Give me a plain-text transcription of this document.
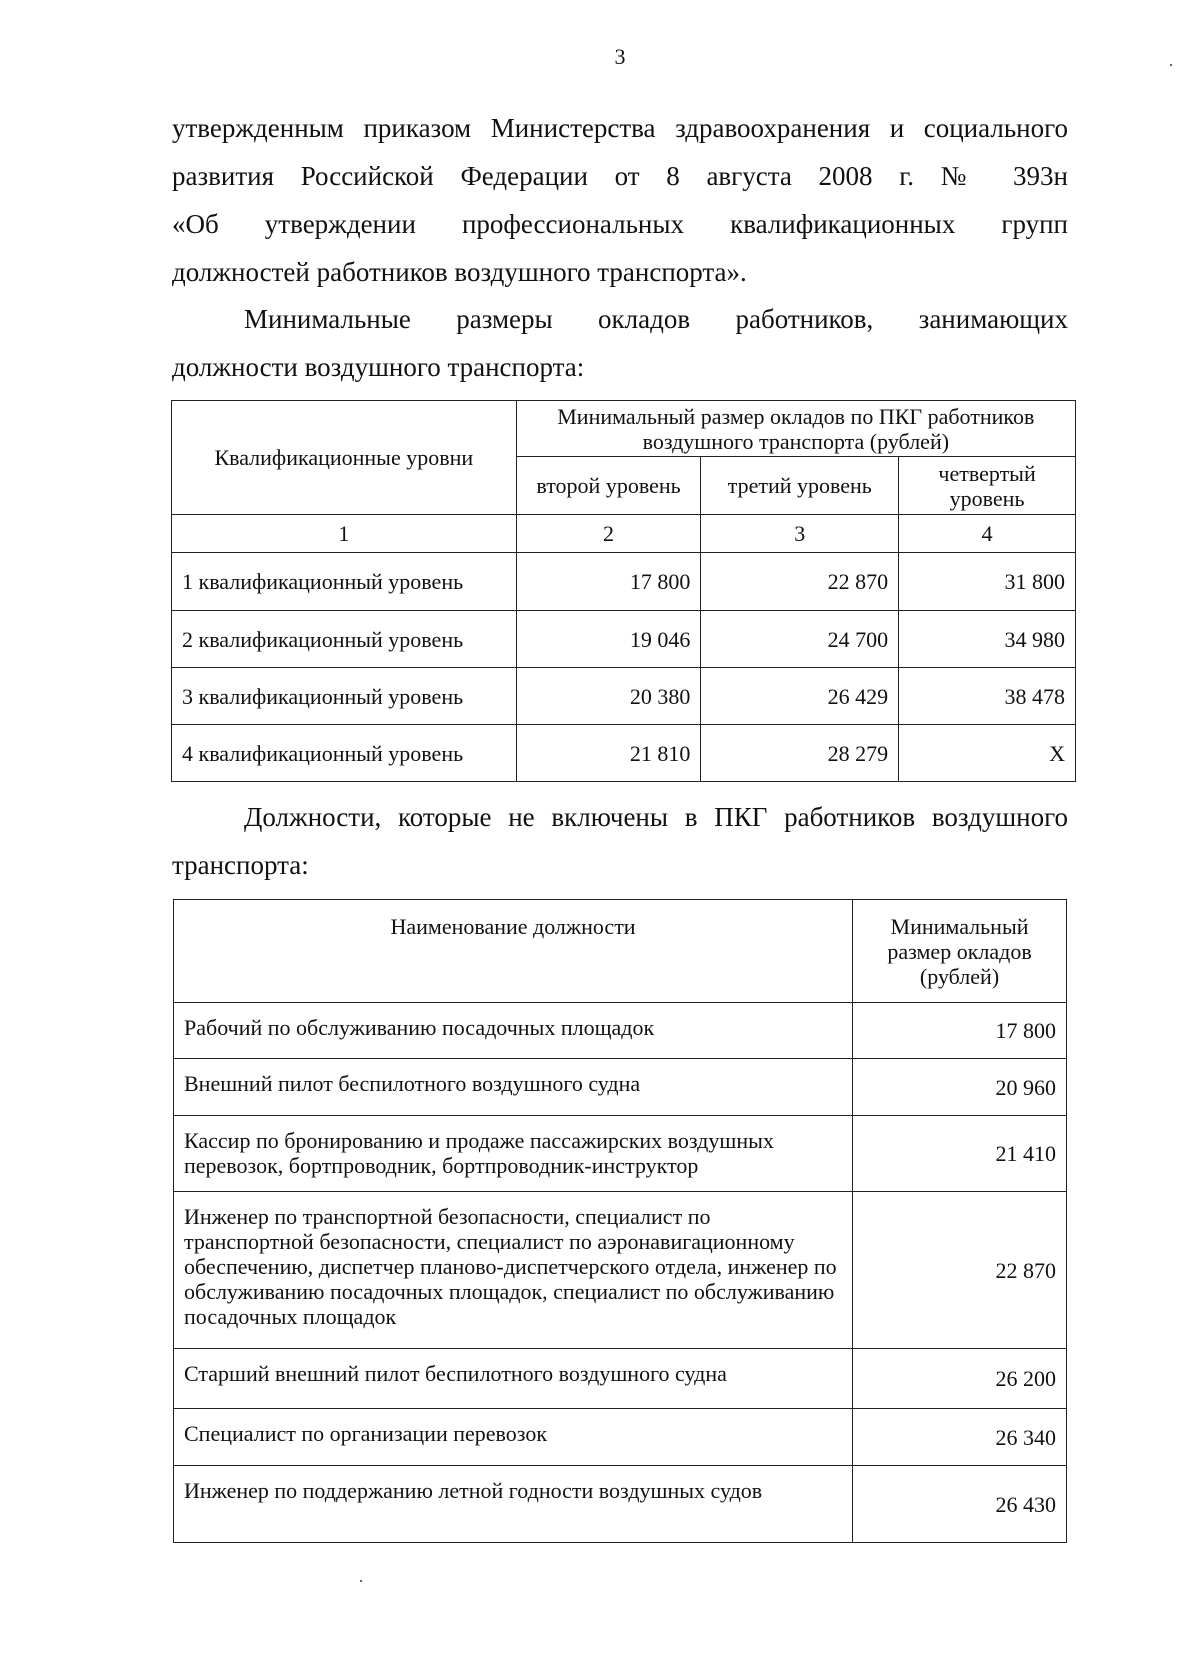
3
утвержденным приказом Министерства здравоохранения и социального
развития Российской Федерации от 8 августа 2008 г. № 393н
«Об утверждении профессиональных квалификационных групп
должностей работников воздушного транспорта».
Минимальные размеры окладов работников, занимающих
должности воздушного транспорта:
Квалификационные уровни	Минимальный размер окладов по ПКГ работников воздушного транспорта (рублей)		
	второй уровень	третий уровень	четвертый уровень
1	2	3	4
1 квалификационный уровень	17 800	22 870	31 800
2 квалификационный уровень	19 046	24 700	34 980
3 квалификационный уровень	20 380	26 429	38 478
4 квалификационный уровень	21 810	28 279	Х
Должности, которые не включены в ПКГ работников воздушного
транспорта:
Наименование должности	Минимальный размер окладов (рублей)
Рабочий по обслуживанию посадочных площадок	17 800
Внешний пилот беспилотного воздушного судна	20 960
Кассир по бронированию и продаже пассажирских воздушных перевозок, бортпроводник, бортпроводник-инструктор	21 410
Инженер по транспортной безопасности, специалист по транспортной безопасности, специалист по аэронавигационному обеспечению, диспетчер планово-диспетчерского отдела, инженер по обслуживанию посадочных площадок, специалист по обслуживанию посадочных площадок	22 870
Старший внешний пилот беспилотного воздушного судна	26 200
Специалист по организации перевозок	26 340
Инженер по поддержанию летной годности воздушных судов	26 430
